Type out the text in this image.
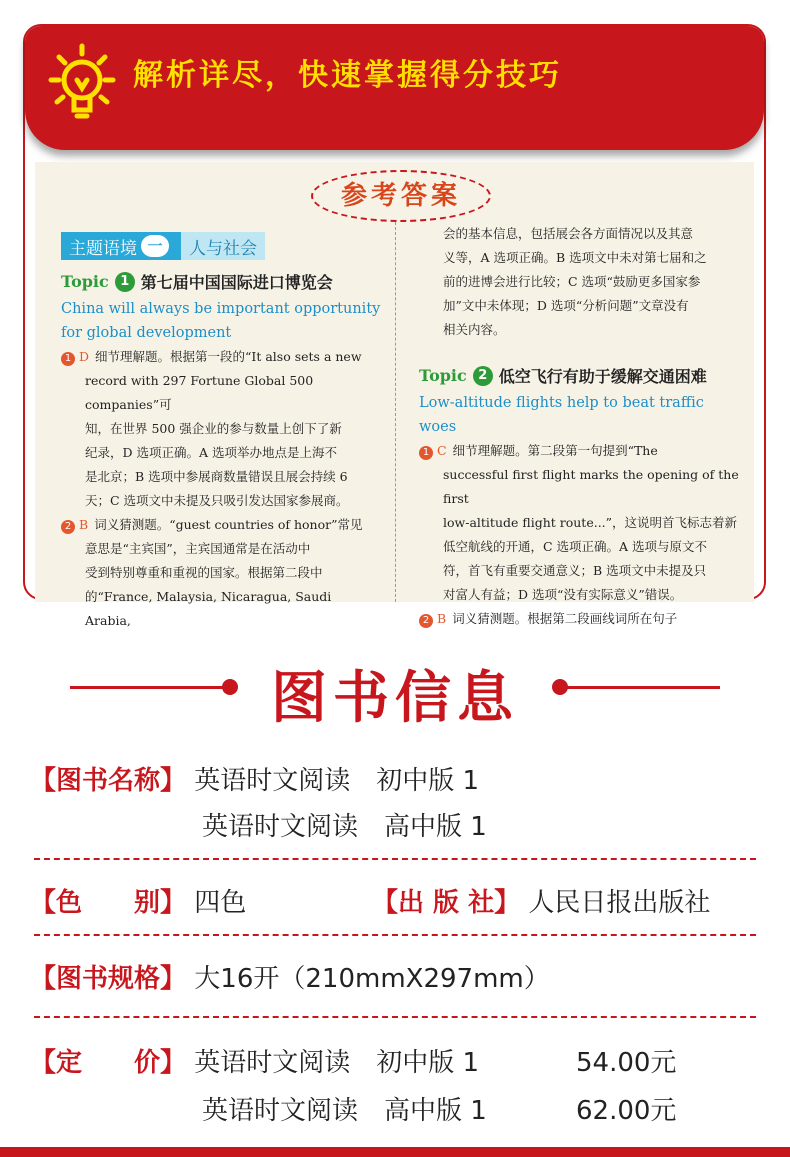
解析详尽，快速掌握得分技巧
参考答案
主题语境 一	人与社会
Topic 1 第七届中国国际进口博览会
China will always be important opportunity
for global development
1 D 细节理解题。根据第一段的“It also sets a new
record with 297 Fortune Global 500 companies”可
知，在世界 500 强企业的参与数量上创下了新
纪录，D 选项正确。A 选项举办地点是上海不
是北京；B 选项中参展商数量错误且展会持续 6
天；C 选项文中未提及只吸引发达国家参展商。
2 B 词义猜测题。“guest countries of honor”常见
意思是“主宾国”，主宾国通常是在活动中
受到特别尊重和重视的国家。根据第二段中
的“France, Malaysia, Nicaragua, Saudi Arabia,
会的基本信息，包括展会各方面情况以及其意
义等，A 选项正确。B 选项文中未对第七届和之
前的进博会进行比较；C 选项“鼓励更多国家参
加”文中未体现；D 选项“分析问题”文章没有
相关内容。
Topic 2 低空飞行有助于缓解交通困难
Low-altitude flights help to beat traffic woes
1 C 细节理解题。第二段第一句提到“The
successful first flight marks the opening of the first
low-altitude flight route...”，这说明首飞标志着新
低空航线的开通，C 选项正确。A 选项与原文不
符，首飞有重要交通意义；B 选项文中未提及只
对富人有益；D 选项“没有实际意义”错误。
2 B 词义猜测题。根据第二段画线词所在句子
图书信息
【图书名称】 英语时文阅读　初中版 1
英语时文阅读　高中版 1
【色　　别】 四色	【出 版 社】 人民日报出版社
【图书规格】 大16开（210mmX297mm）
【定　　价】 英语时文阅读　初中版 1	54.00元
英语时文阅读　高中版 1	62.00元
